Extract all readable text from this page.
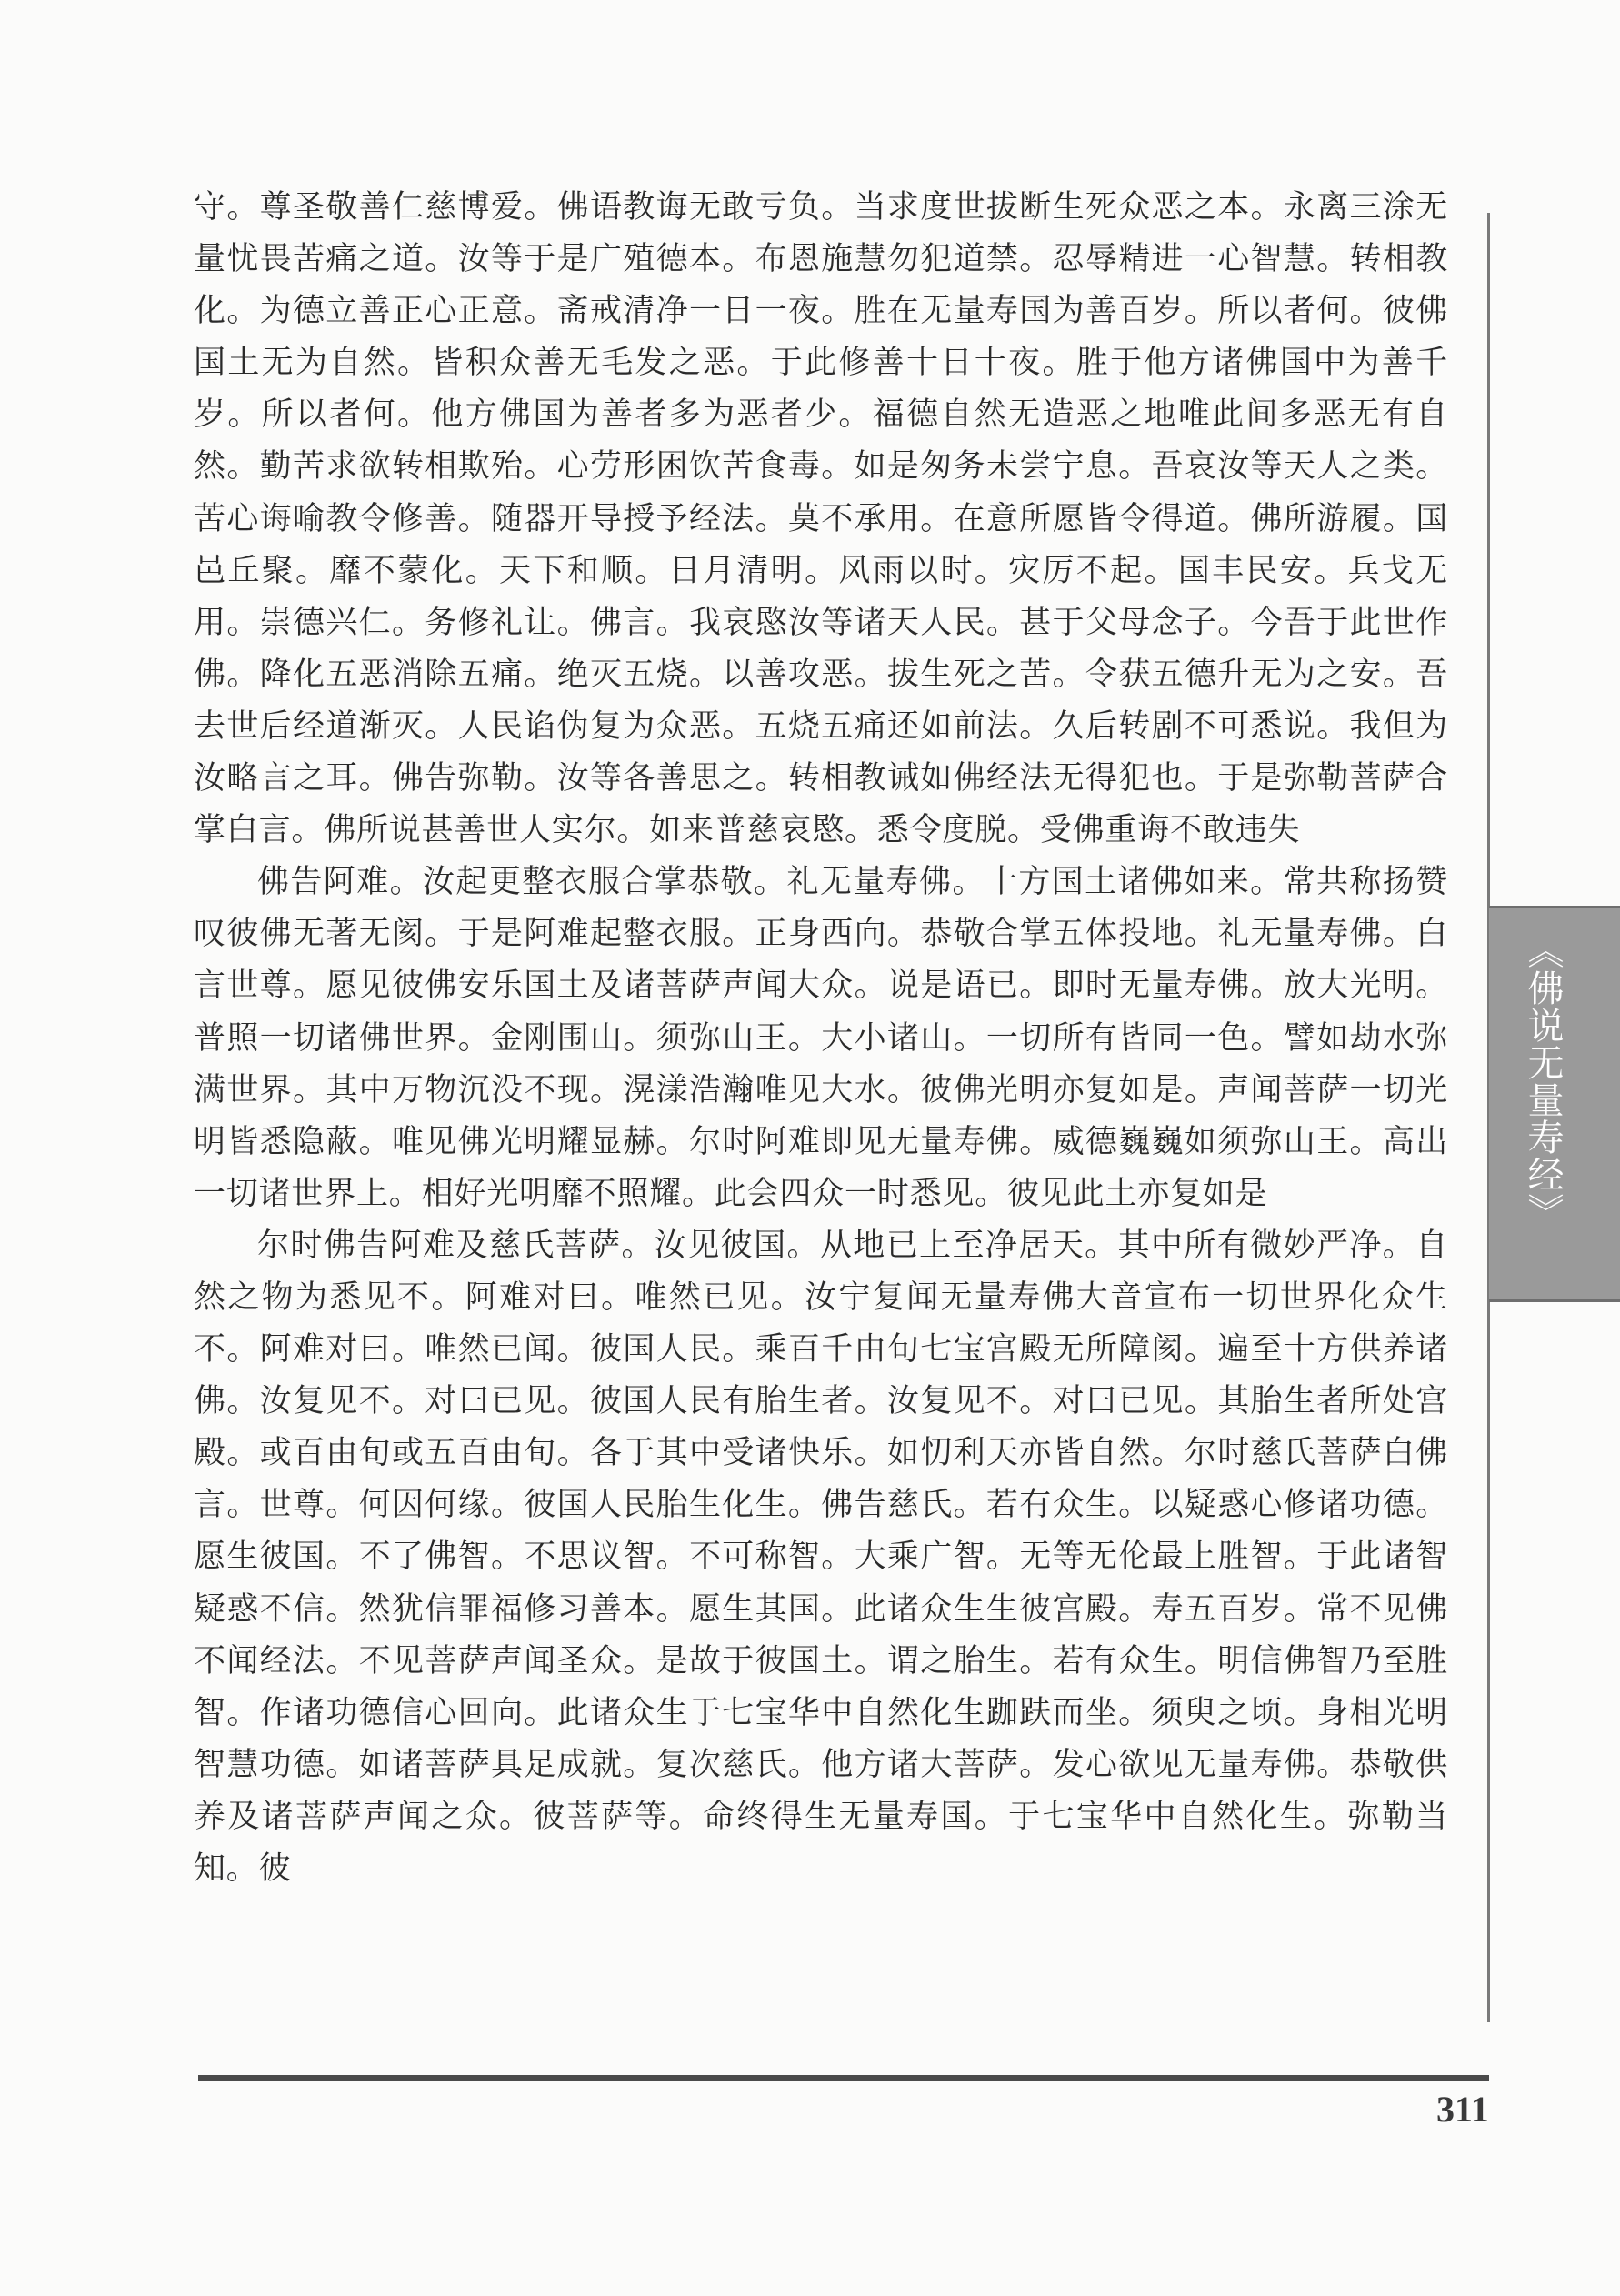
守。尊圣敬善仁慈博爱。佛语教诲无敢亏负。当求度世拔断生死众恶之本。永离三涂无量忧畏苦痛之道。汝等于是广殖德本。布恩施慧勿犯道禁。忍辱精进一心智慧。转相教化。为德立善正心正意。斋戒清净一日一夜。胜在无量寿国为善百岁。所以者何。彼佛国土无为自然。皆积众善无毛发之恶。于此修善十日十夜。胜于他方诸佛国中为善千岁。所以者何。他方佛国为善者多为恶者少。福德自然无造恶之地唯此间多恶无有自然。勤苦求欲转相欺殆。心劳形困饮苦食毒。如是匆务未尝宁息。吾哀汝等天人之类。苦心诲喻教令修善。随器开导授予经法。莫不承用。在意所愿皆令得道。佛所游履。国邑丘聚。靡不蒙化。天下和顺。日月清明。风雨以时。灾厉不起。国丰民安。兵戈无用。崇德兴仁。务修礼让。佛言。我哀愍汝等诸天人民。甚于父母念子。今吾于此世作佛。降化五恶消除五痛。绝灭五烧。以善攻恶。拔生死之苦。令获五德升无为之安。吾去世后经道渐灭。人民谄伪复为众恶。五烧五痛还如前法。久后转剧不可悉说。我但为汝略言之耳。佛告弥勒。汝等各善思之。转相教诫如佛经法无得犯也。于是弥勒菩萨合掌白言。佛所说甚善世人实尔。如来普慈哀愍。悉令度脱。受佛重诲不敢违失

佛告阿难。汝起更整衣服合掌恭敬。礼无量寿佛。十方国土诸佛如来。常共称扬赞叹彼佛无著无阂。于是阿难起整衣服。正身西向。恭敬合掌五体投地。礼无量寿佛。白言世尊。愿见彼佛安乐国土及诸菩萨声闻大众。说是语已。即时无量寿佛。放大光明。普照一切诸佛世界。金刚围山。须弥山王。大小诸山。一切所有皆同一色。譬如劫水弥满世界。其中万物沉没不现。滉漾浩瀚唯见大水。彼佛光明亦复如是。声闻菩萨一切光明皆悉隐蔽。唯见佛光明耀显赫。尔时阿难即见无量寿佛。威德巍巍如须弥山王。高出一切诸世界上。相好光明靡不照耀。此会四众一时悉见。彼见此土亦复如是

尔时佛告阿难及慈氏菩萨。汝见彼国。从地已上至净居天。其中所有微妙严净。自然之物为悉见不。阿难对曰。唯然已见。汝宁复闻无量寿佛大音宣布一切世界化众生不。阿难对曰。唯然已闻。彼国人民。乘百千由旬七宝宫殿无所障阂。遍至十方供养诸佛。汝复见不。对曰已见。彼国人民有胎生者。汝复见不。对曰已见。其胎生者所处宫殿。或百由旬或五百由旬。各于其中受诸快乐。如忉利天亦皆自然。尔时慈氏菩萨白佛言。世尊。何因何缘。彼国人民胎生化生。佛告慈氏。若有众生。以疑惑心修诸功德。愿生彼国。不了佛智。不思议智。不可称智。大乘广智。无等无伦最上胜智。于此诸智疑惑不信。然犹信罪福修习善本。愿生其国。此诸众生生彼宫殿。寿五百岁。常不见佛不闻经法。不见菩萨声闻圣众。是故于彼国土。谓之胎生。若有众生。明信佛智乃至胜智。作诸功德信心回向。此诸众生于七宝华中自然化生跏趺而坐。须臾之顷。身相光明智慧功德。如诸菩萨具足成就。复次慈氏。他方诸大菩萨。发心欲见无量寿佛。恭敬供养及诸菩萨声闻之众。彼菩萨等。命终得生无量寿国。于七宝华中自然化生。弥勒当知。彼

《佛说无量寿经》
311
